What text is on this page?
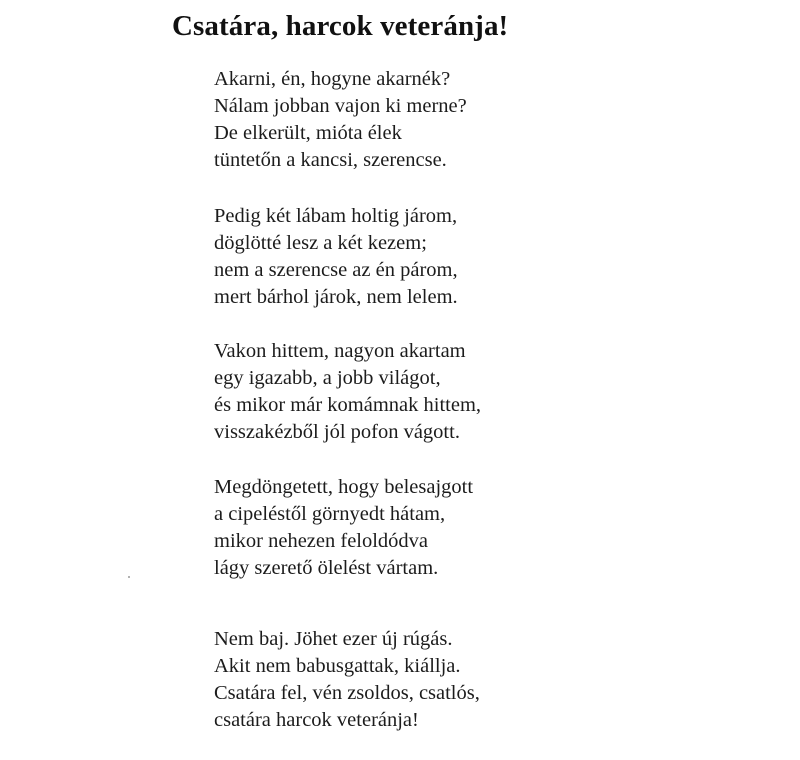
Csatára, harcok veteránja!
Akarni, én, hogyne akarnék?
Nálam jobban vajon ki merne?
De elkerült, mióta élek
tüntetőn a kancsi, szerencse.
Pedig két lábam holtig járom,
döglötté lesz a két kezem;
nem a szerencse az én párom,
mert bárhol járok, nem lelem.
Vakon hittem, nagyon akartam
egy igazabb, a jobb világot,
és mikor már komámnak hittem,
visszakézből jól pofon vágott.
Megdöngetett, hogy belesajgott
a cipeléstől görnyedt hátam,
mikor nehezen feloldódva
lágy szerető ölelést vártam.
Nem baj. Jöhet ezer új rúgás.
Akit nem babusgattak, kiállja.
Csatára fel, vén zsoldos, csatlós,
csatára harcok veteránja!
